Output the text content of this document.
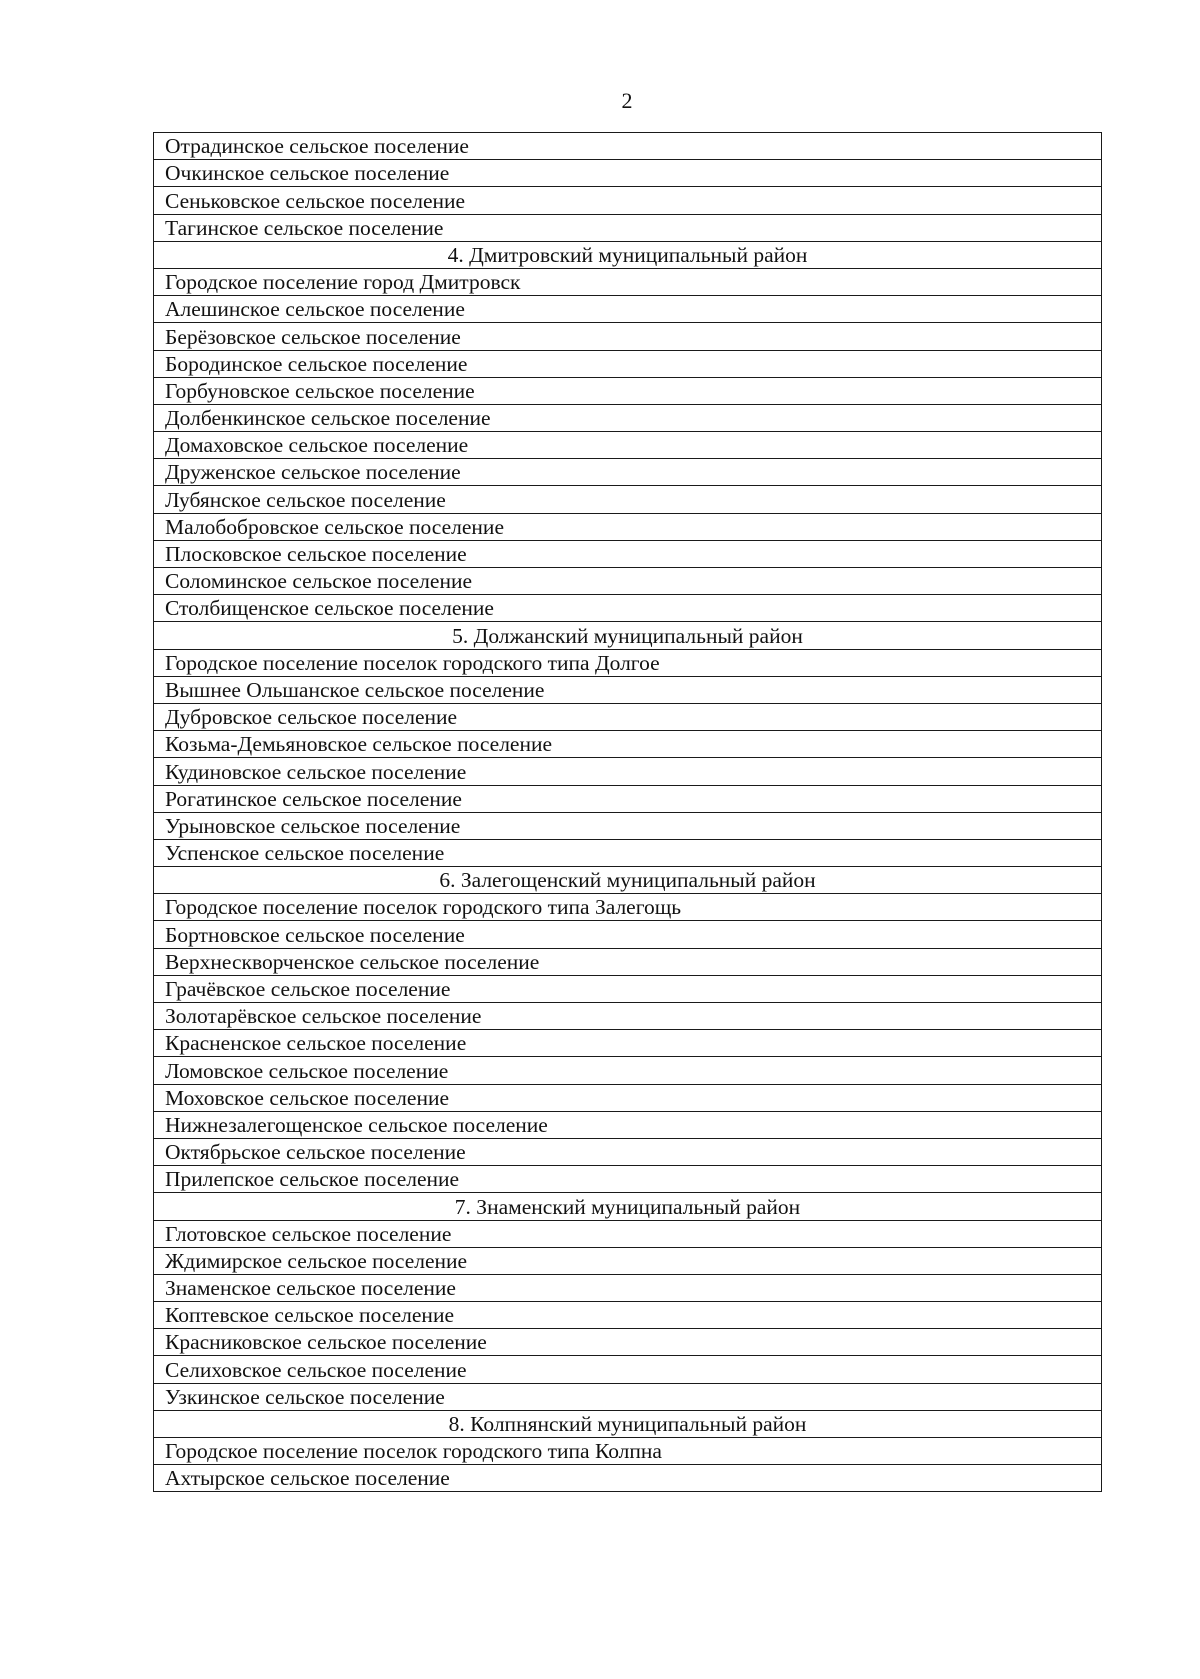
2
Отрадинское сельское поселение
Очкинское сельское поселение
Сеньковское сельское поселение
Тагинское сельское поселение
4. Дмитровский муниципальный район
Городское поселение город Дмитровск
Алешинское сельское поселение
Берёзовское сельское поселение
Бородинское сельское поселение
Горбуновское сельское поселение
Долбенкинское сельское поселение
Домаховское сельское поселение
Друженское сельское поселение
Лубянское сельское поселение
Малобобровское сельское поселение
Плосковское сельское поселение
Соломинское сельское поселение
Столбищенское сельское поселение
5. Должанский муниципальный район
Городское поселение поселок городского типа Долгое
Вышнее Ольшанское сельское поселение
Дубровское сельское поселение
Козьма-Демьяновское сельское поселение
Кудиновское сельское поселение
Рогатинское сельское поселение
Урыновское сельское поселение
Успенское сельское поселение
6. Залегощенский муниципальный район
Городское поселение поселок городского типа Залегощь
Бортновское сельское поселение
Верхнескворченское сельское поселение
Грачёвское сельское поселение
Золотарёвское сельское поселение
Красненское сельское поселение
Ломовское сельское поселение
Моховское сельское поселение
Нижнезалегощенское сельское поселение
Октябрьское сельское поселение
Прилепское сельское поселение
7. Знаменский муниципальный район
Глотовское сельское поселение
Ждимирское сельское поселение
Знаменское сельское поселение
Коптевское сельское поселение
Красниковское сельское поселение
Селиховское сельское поселение
Узкинское сельское поселение
8. Колпнянский муниципальный район
Городское поселение поселок городского типа Колпна
Ахтырское сельское поселение
